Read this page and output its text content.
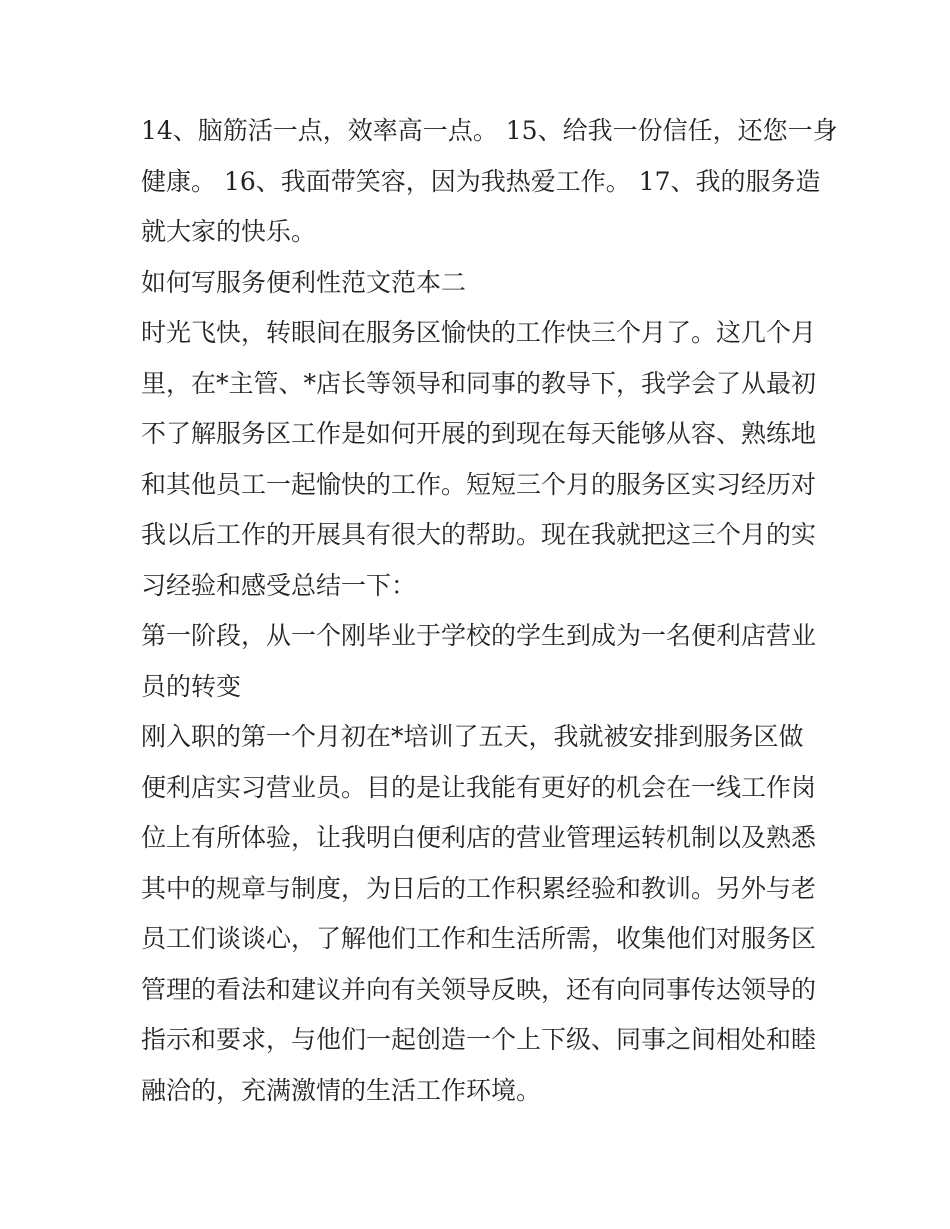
14、脑筋活一点，效率高一点。 15、给我一份信任，还您一身
健康。 16、我面带笑容，因为我热爱工作。 17、我的服务造
就大家的快乐。
如何写服务便利性范文范本二
时光飞快，转眼间在服务区愉快的工作快三个月了。这几个月
里，在*主管、*店长等领导和同事的教导下，我学会了从最初
不了解服务区工作是如何开展的到现在每天能够从容、熟练地
和其他员工一起愉快的工作。短短三个月的服务区实习经历对
我以后工作的开展具有很大的帮助。现在我就把这三个月的实
习经验和感受总结一下：
第一阶段，从一个刚毕业于学校的学生到成为一名便利店营业
员的转变
刚入职的第一个月初在*培训了五天，我就被安排到服务区做
便利店实习营业员。目的是让我能有更好的机会在一线工作岗
位上有所体验，让我明白便利店的营业管理运转机制以及熟悉
其中的规章与制度，为日后的工作积累经验和教训。另外与老
员工们谈谈心，了解他们工作和生活所需，收集他们对服务区
管理的看法和建议并向有关领导反映，还有向同事传达领导的
指示和要求，与他们一起创造一个上下级、同事之间相处和睦
融洽的，充满激情的生活工作环境。
